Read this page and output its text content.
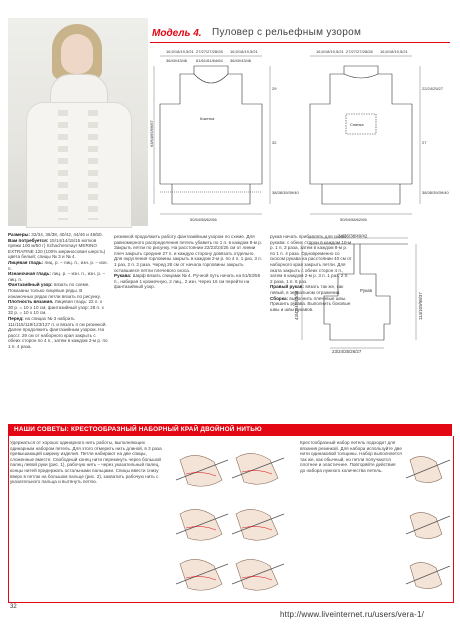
Модель 4. Пуловер с рельефным узором
16,5/18/19,5/21 27/27/27/28/28 16,5/18/19,5/21
36/40/43/46 61/61/61/64/64 36/40/43/46
Кокетка
50/54/58/62/66
63/64/65/66/67
29
32
38/38/39/39/40
16,5/18/19,5/21 27/27/27/28/28 16,5/18/19,5/21
Спинка
50/54/58/62/66
22/24/25/27
27
38/38/39/39/40
34/36/38/40/42
Рукав
43/43/41/40/38	114/109/98/37
23/24/25/26/27
Размеры: 32/34, 36/38, 40/42, 44/46 и 48/50.
Вам потребуется: 15/14/14/15/15 мотков пряжи 100 м/50 г) Schachenmayr MERINO EXTRAFINE 120 (100% мериносовая шерсть) цвета белый; спицы № 3 и № 4.
Лицевая гладь: лиц. р. – лиц. п., изн. р. – изн. п.
Изнаночная гладь: лиц. р. – изн. п., изн. р. – лиц. п.
Фантазийный узор: вязать по схеме. Показаны только лицевые ряды. В изнаночных рядах петли вязать по рисунку.
Плотность вязания. Лицевая гладь: 22 п. x 30 р. = 10 x 10 см; фантазийный узор: 28 п. x 32 р. = 10 x 10 см.
Перед: на спицах № 3 набрать 111/115/119/123/127 п. и вязать 4 см резинкой. Далее продолжить фантазийным узором. На расст. 29 см от наборного края закрыть с обеих сторон по 4 п., затем в каждом 2-м р. по 1 п. 4 раза.
резинкой продолжить работу фантазийным узором по схеме. Для равномерного распределения петель убавить по 1 п. в каждом 8-м р. Закрыть петли по рисунку. На расстоянии 22/23/24/25 см от линии плеч закрыть средние 27 п. и каждую сторону довязать отдельно. Для округления горловины закрыть в каждом 2-м р. по 4 п. 1 раз, 3 п. 1 раз, 2 п. 2 раза. Черед 28 см от начала горловины закрыть оставшиеся петли плечевого скоса.
Рукава: Шарф вязать спицами № 4. Ручной путь начать на 51/53/55 п., набирая 1 кромочную, 2 лиц., 2 изн. Через 16 см перейти на фантазийный узор.
рукав начать прибавлять для скоса рукава: с обеих сторон в каждом 10-м р. 1 п. 3 раза, затем в каждом 8-м р. по 1 п. 4 раза. Одновременно со скосом рукава на расстоянии 40 см от наборного края закрыть петли. Для оката закрыть с обеих сторон 4 п., затем в каждом 2-м р. 3 п. 1 раз, 2 п. 2 раза, 1 п. 6 раз.
Правый рукав: вязать так же, как левый, в зеркальном отражении.
Сборка: выполнить плечевые швы. Пришить рукава. Выполнить боковые швы и швы рукавов.
НАШИ СОВЕТЫ: КРЕСТООБРАЗНЫЙ НАБОРНЫЙ КРАЙ ДВОЙНОЙ НИТЬЮ
Удержаться от хорошо одинарного нить работы, выполняющих одинарным набором петель. Для этого отмерить нить длиной, в 3 раза превышающей ширину изделия. Петли набирают на две спицы, сложенные вместе. Свободный конец нити перекинуть через большой палец левой руки (рис. 1), рабочую нить – через указательный палец, концы нитей придержать остальными пальцами. Спицы ввести снизу вверх в петлю на большом пальце (рис. 2), захватить рабочую нить с указательного пальца и вытянуть петлю.
Крестообразный набор петель подходит для вязания резинкой. Для набора используйте две нити одинаковой толщины. Набор выполняется так же, как обычный, но петли получаются плотнее и эластичнее. Повторяйте действия до набора нужного количества петель.
32
http://www.liveinternet.ru/users/vera-1/
